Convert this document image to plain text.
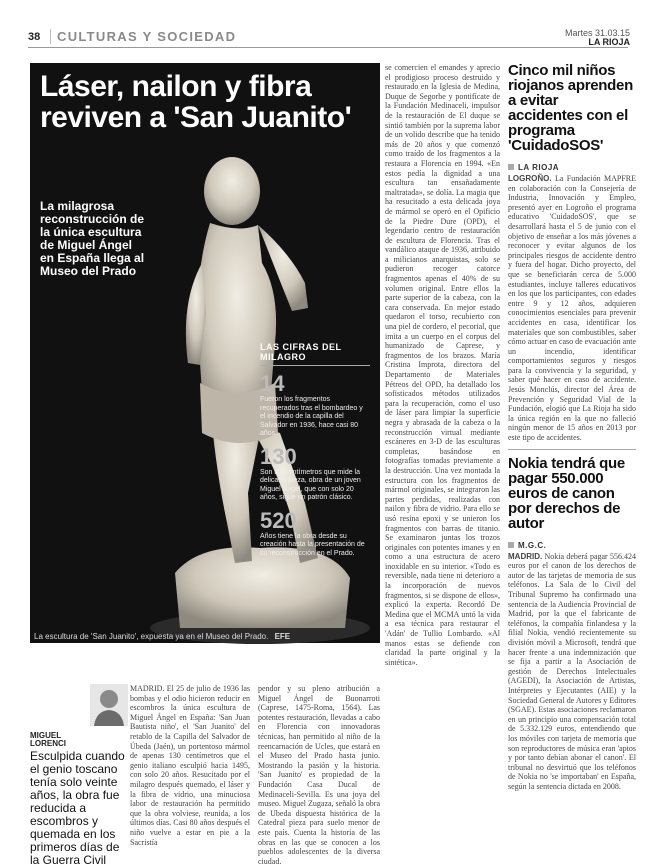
38	CULTURAS Y SOCIEDAD	Martes 31.03.15
LA RIOJA
Láser, nailon y fibra
reviven a 'San Juanito'
La milagrosa reconstrucción de la única escultura de Miguel Ángel en España llega al Museo del Prado
La escultura de 'San Juanito', expuesta ya en el Museo del Prado. EFE
LAS CIFRAS DEL MILAGRO
14
Fueron los fragmentos recuperados tras el bombardeo y el incendio de la capilla del Salvador en 1936, hace casi 80 años.
130
Son los centímetros que mide la delicada pieza, obra de un joven Miguel Ángel, que con solo 20 años, sigue un patrón clásico.
520
Años tiene la obra desde su creación hasta la presentación de su reconstrucción en el Prado.
se comercien el emandes y aprecio el prodigioso proceso destruido y restaurado en la Iglesia de Medina, Duque de Segorbe y pontifícate de la Fundación Medinaceli, impulsor de la restauración de El duque se sintió también por la suprema labor de un volido describe que ha tenido más de 20 años y que comenzó como traído de los fragmentos a la restaura a Florencia en 1994. «En estos pedía la dignidad a una escultura tan ensañadamente maltratada», se dolía. La magia que ha resucitado a esta delicada joya de mármol se operó en el Opificio de la Piedre Dure (OPD), el legendario centro de restauración de escultura de Florencia. Tras el vandálico ataque de 1936, atribuido a milicianos anarquistas, solo se pudieron recoger catorce fragmentos apenas el 40% de su volumen original. Entre ellos la parte superior de la cabeza, con la cara conservada. En mejor estado quedaron el torso, recubierto con una piel de cordero, el pecorial, que imita a un cuerpo en el corpus del humanizado de Caprese, y fragmentos de los brazos. María Cristina Improta, directora del Departamento de Materiales Pétreos del OPD, ha detallado los sofisticados métodos utilizados para la recuperación, como el uso de láser para limpiar la superficie negra y abrasada de la cabeza o la reconstrucción virtual mediante escáneres en 3-D de las esculturas completas, basándose en fotografías tomadas previamente a la destrucción. Una vez montada la estructura con los fragmentos de mármol originales, se integraron las partes perdidas, realizadas con nailon y fibra de vidrio. Para ello se usó resina epoxi y se unieron los fragmentos con barras de titanio. Se examinaron juntas los trozos originales con potentes imanes y en como a una estructura de acero inoxidable en su interior. «Todo es reversible, nada tiene ni deterioro a la incorporación de nuevos fragmentos, si se dispone de ellos», explicó la experta. Recordó De Medina que el MCMA untó la vida a esa técnica para restaurar el 'Adán' de Tullio Lombardo. «Al manos estas se defiende con claridad la parte original y la sintética».
MIGUEL LORENCI
Esculpida cuando el genio toscano tenía solo veinte años, la obra fue reducida a escombros y quemada en los primeros días de la Guerra Civil
MADRID. El 25 de julio de 1936 las bombas y el odio hicieron reducir en escombros la única escultura de Miguel Ángel en España: 'San Juan Bautista niño', el 'San Juanito' del retablo de la Capilla del Salvador de Úbeda (Jaén), un portentoso mármol de apenas 130 centímetros que el genio italiano esculpió hacia 1495, con solo 20 años. Resucitado por el milagro después quemado, el láser y la fibra de vidrio, una minuciosa labor de restauración ha permitido que la obra volviese, reunida, a los últimos días. Casi 80 años después el niño vuelve a estar en pie a la Sacristía
pendor y su pleno atribución a Miguel Ángel de Buonarroti (Caprese, 1475-Roma, 1564). Las potentes restauración, llevadas a cabo en Florencia con innovadoras técnicas, han permitido al niño de la reencarnación de Ucles, que estará en el Museo del Prado hasta junio. Mostrando la pasión y la historia. 'San Juanito' es propiedad de la Fundación Casa Ducal de Medinaceli-Sevilla. Es una joya del museo. Miguel Zugaza, señaló la obra de Ubeda dispuesta histórica de la Catedral pieza para suelo menor de este país. Cuenta la historia de las obras en las que se conocen a los pueblos adolescentes de la diversa ciudad.
Cinco mil niños riojanos aprenden a evitar accidentes con el programa 'CuidadoSOS'
LA RIOJA
LOGROÑO. La Fundación MAPFRE en colaboración con la Consejería de Industria, Innovación y Empleo, presentó ayer en Logroño el programa educativo 'CuidadoSOS', que se desarrollará hasta el 5 de junio con el objetivo de enseñar a los más jóvenes a reconocer y evitar algunos de los principales riesgos de accidente dentro y fuera del hogar. Dicho proyecto, del que se beneficiarán cerca de 5.000 estudiantes, incluye talleres educativos en los que los participantes, con edades entre 9 y 12 años, adquieren conocimientos esenciales para prevenir accidentes en casa, identificar los materiales que son combustibles, saber cómo actuar en caso de evacuación ante un incendio, identificar comportamientos seguros y riesgos para la convivencia y la seguridad, y saber qué hacer en caso de accidente. Jesús Monclús, director del Área de Prevención y Seguridad Vial de la Fundación, elogió que La Rioja ha sido la única región en la que no falleció ningún menor de 15 años en 2013 por este tipo de accidentes.
Nokia tendrá que pagar 550.000 euros de canon por derechos de autor
M.G.C.
MADRID. Nokia deberá pagar 556.424 euros por el canon de los derechos de autor de las tarjetas de memoria de sus teléfonos. La Sala de lo Civil del Tribunal Supremo ha confirmado una sentencia de la Audiencia Provincial de Madrid, por la que el fabricante de teléfonos, la compañía finlandesa y la filial Nokia, vendió recientemente su división móvil a Microsoft, tendrá que hacer frente a una indemnización que se fija a partir a la Asociación de gestión de Derechos Intelectuales (AGEDI), la Asociación de Artistas, Intérpretes y Ejecutantes (AIE) y la Sociedad General de Autores y Editores (SGAE). Estas asociaciones reclamaron en un principio una compensación total de 5.332.129 euros, entendiendo que los móviles con tarjeta de memoria que son reproductores de música eran 'aptos y por tanto debían abonar el canon'. El tribunal no desvirtuó que los teléfonos de Nokia no 'se importaban' en España, según la sentencia dictada en 2008.
